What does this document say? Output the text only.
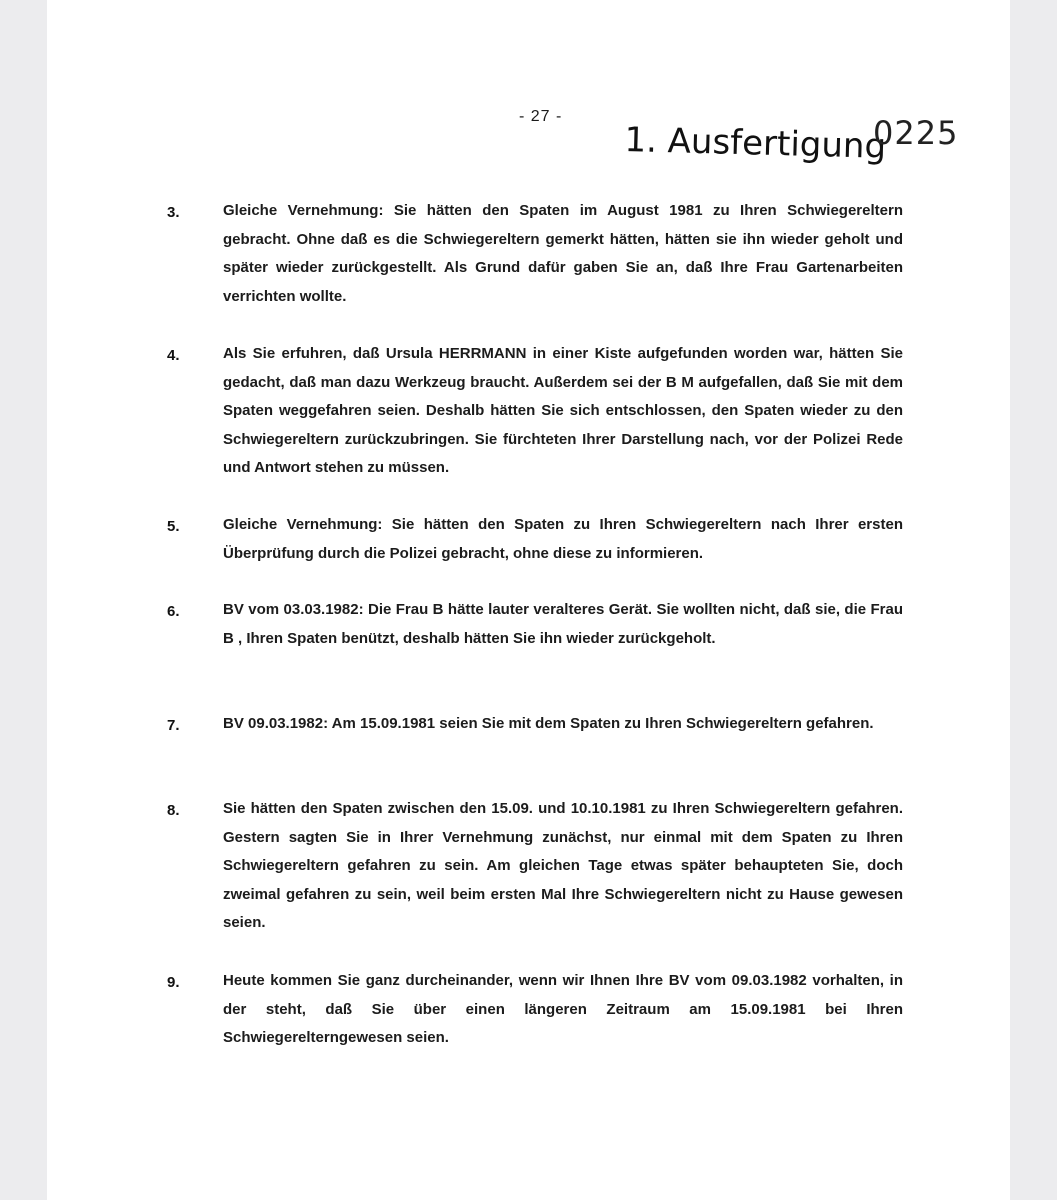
- 27 -
1. Ausfertigung
0225
3.	Gleiche Vernehmung: Sie hätten den Spaten im August 1981 zu Ihren Schwiegereltern gebracht. Ohne daß es die Schwiegereltern gemerkt hätten, hätten sie ihn wieder geholt und später wieder zurückgestellt. Als Grund dafür gaben Sie an, daß Ihre Frau Gartenarbeiten verrichten wollte.

4.	Als Sie erfuhren, daß Ursula HERRMANN in einer Kiste aufgefunden worden war, hätten Sie gedacht, daß man dazu Werkzeug braucht. Außerdem sei der B M aufgefallen, daß Sie mit dem Spaten weggefahren seien. Deshalb hätten Sie sich entschlossen, den Spaten wieder zu den Schwiegereltern zurückzubringen. Sie fürchteten Ihrer Darstellung nach, vor der Polizei Rede und Antwort stehen zu müssen.

5.	Gleiche Vernehmung: Sie hätten den Spaten zu Ihren Schwiegereltern nach Ihrer ersten Überprüfung durch die Polizei gebracht, ohne diese zu informieren.

6.	BV vom 03.03.1982: Die Frau B hätte lauter veralteres Gerät. Sie wollten nicht, daß sie, die Frau B , Ihren Spaten benützt, deshalb hätten Sie ihn wieder zurückgeholt.

7.	BV 09.03.1982: Am 15.09.1981 seien Sie mit dem Spaten zu Ihren Schwiegereltern gefahren.

8.	Sie hätten den Spaten zwischen den 15.09. und 10.10.1981 zu Ihren Schwiegereltern gefahren. Gestern sagten Sie in Ihrer Vernehmung zunächst, nur einmal mit dem Spaten zu Ihren Schwiegereltern gefahren zu sein. Am gleichen Tage etwas später behaupteten Sie, doch zweimal gefahren zu sein, weil beim ersten Mal Ihre Schwiegereltern nicht zu Hause gewesen seien.

9.	Heute kommen Sie ganz durcheinander, wenn wir Ihnen Ihre BV vom 09.03.1982 vorhalten, in der steht, daß Sie über einen längeren Zeitraum am 15.09.1981 bei Ihren Schwiegerelterngewesen seien.
